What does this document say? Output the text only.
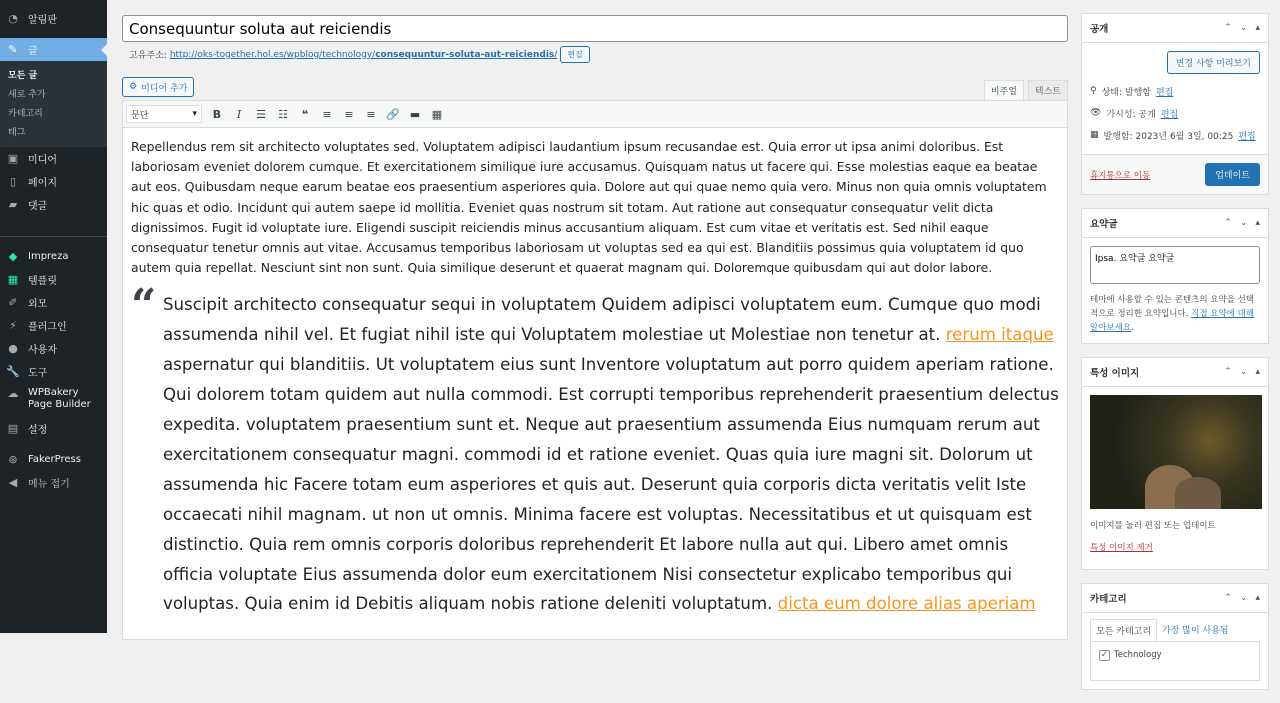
◔ 알림판
✎ 글
모든 글
새로 추가
카테고리
태그
▣ 미디어
▯	페이지
▰ 댓글
◆ Impreza
▦ 템플릿
✐ 외모
⚡	플러그인
● 사용자
🔧 도구
☁ WPBakery Page Builder
▤ 설정
⊛ FakerPress
◀ 메뉴 접기
Consequuntur soluta aut reiciendis
고유주소: http://oks-together.hol.es/wpblog/technology/consequuntur-soluta-aut-reiciendis/	편집
⚙ 미디어 추가	비주얼	텍스트
문단	▾ B I	☰	☷	❝	≡	≡	≡ 🔗 ▬	▦

Repellendus rem sit architecto voluptates sed. Voluptatem adipisci laudantium ipsum recusandae est. Quia error ut ipsa animi doloribus. Est laboriosam eveniet dolorem cumque. Et exercitationem similique iure accusamus. Quisquam natus ut facere qui. Esse molestias eaque ea beatae aut eos. Quibusdam neque earum beatae eos praesentium asperiores quia. Dolore aut qui quae nemo quia vero. Minus non quia omnis voluptatem hic quas et odio. Incidunt qui autem saepe id mollitia. Eveniet quas nostrum sit totam. Aut ratione aut consequatur consequatur velit dicta dignissimos. Fugit id voluptate iure. Eligendi suscipit reiciendis minus accusantium aliquam. Est cum vitae et veritatis est. Sed nihil eaque consequatur tenetur omnis aut vitae. Accusamus temporibus laboriosam ut voluptas sed ea qui est. Blanditiis possimus quia voluptatem id quo autem quia repellat. Nesciunt sint non sunt. Quia similique deserunt et quaerat magnam qui. Doloremque quibusdam qui aut dolor labore.

“ Suscipit architecto consequatur sequi in voluptatem Quidem adipisci voluptatem eum. Cumque quo modi assumenda nihil vel. Et fugiat nihil iste qui Voluptatem molestiae ut Molestiae non tenetur at. rerum itaque aspernatur qui blanditiis. Ut voluptatem eius sunt Inventore voluptatum aut porro quidem aperiam ratione. Qui dolorem totam quidem aut nulla commodi. Est corrupti temporibus reprehenderit praesentium delectus expedita. voluptatem praesentium sunt et. Neque aut praesentium assumenda Eius numquam rerum aut exercitationem consequatur magni. commodi id et ratione eveniet. Quas quia iure magni sit. Dolorum ut assumenda hic Facere totam eum asperiores et quis aut. Deserunt quia corporis dicta veritatis velit Iste occaecati nihil magnam. ut non ut omnis. Minima facere est voluptas. Necessitatibus et ut quisquam est distinctio. Quia rem omnis corporis doloribus reprehenderit Et labore nulla aut qui. Libero amet omnis officia voluptate Eius assumenda dolor eum exercitationem Nisi consectetur explicabo temporibus qui voluptas. Quia enim id Debitis aliquam nobis ratione deleniti voluptatum. dicta eum dolore alias aperiam
공개	⌃ ⌄ ▴
변경 사항 미리보기
⚲ 상태: 발행함 편집
👁 가시성: 공개 편집
▦ 발행함: 2023년 6월 3일, 00:25 편집
휴지통으로 이동	업데이트
요약글	⌃ ⌄ ▴
Ipsa. 요약글 요약글

테마에 사용할 수 있는 콘텐츠의 요약을 선택적으로 정리한 요약입니다. 직접 요약에 대해 알아보세요.

특성 이미지	⌃ ⌄ ▴

이미지를 눌러 편집 또는 업데이트

특성 이미지 제거

카테고리	⌃ ⌄ ▴
모든 카테고리	가장 많이 사용됨
✓ Technology
